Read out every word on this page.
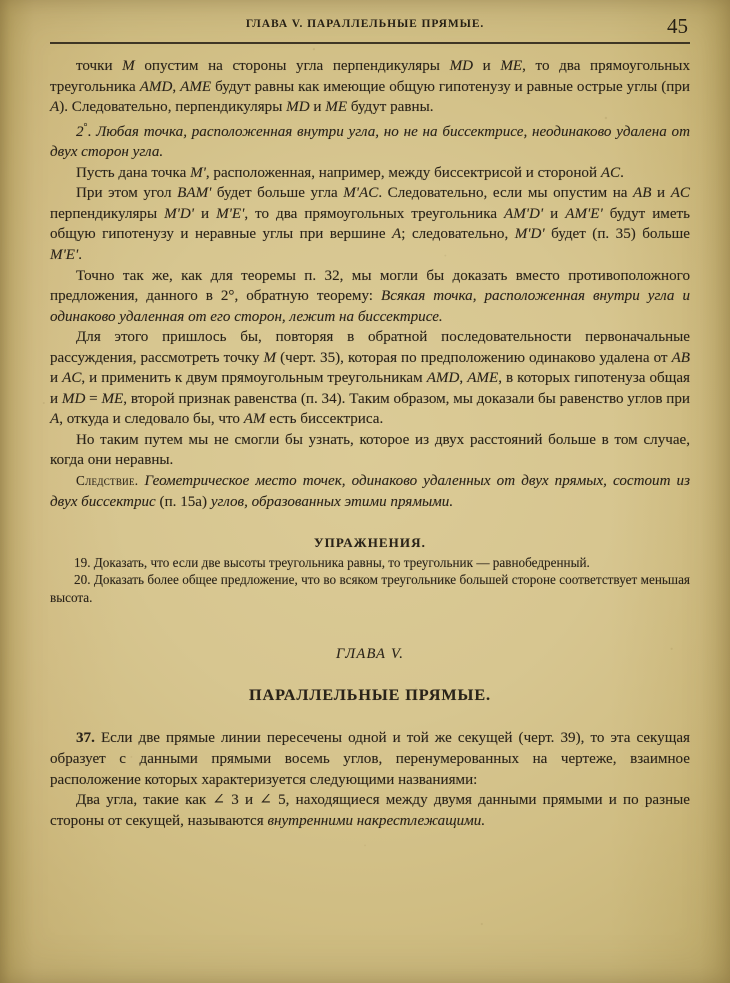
ГЛАВА V. ПАРАЛЛЕЛЬНЫЕ ПРЯМЫЕ.	45

точки M опустим на стороны угла перпендикуляры MD и ME, то два прямоугольных треугольника AMD, AME будут равны как имеющие общую гипотенузу и равные острые углы (при A). Следовательно, перпендикуляры MD и ME будут равны.

2°. Любая точка, расположенная внутри угла, но не на биссектрисе, неодинаково удалена от двух сторон угла.

Пусть дана точка M', расположенная, например, между биссектрисой и стороной AC.

При этом угол BAM' будет больше угла M'AC. Следовательно, если мы опустим на AB и AC перпендикуляры M'D' и M'E', то два прямоугольных треугольника AM'D' и AM'E' будут иметь общую гипотенузу и неравные углы при вершине A; следовательно, M'D' будет (п. 35) больше M'E'.

Точно так же, как для теоремы п. 32, мы могли бы доказать вместо противоположного предложения, данного в 2°, обратную теорему: Всякая точка, расположенная внутри угла и одинаково удаленная от его сторон, лежит на биссектрисе.

Для этого пришлось бы, повторяя в обратной последовательности первоначальные рассуждения, рассмотреть точку M (черт. 35), которая по предположению одинаково удалена от AB и AC, и применить к двум прямоугольным треугольникам AMD, AME, в которых гипотенуза общая и MD = ME, второй признак равенства (п. 34). Таким образом, мы доказали бы равенство углов при A, откуда и следовало бы, что AM есть биссектриса.

Но таким путем мы не смогли бы узнать, которое из двух расстояний больше в том случае, когда они неравны.

Следствие. Геометрическое место точек, одинаково удаленных от двух прямых, состоит из двух биссектрис (п. 15а) углов, образованных этими прямыми.

УПРАЖНЕНИЯ.

19. Доказать, что если две высоты треугольника равны, то треугольник — равнобедренный.

20. Доказать более общее предложение, что во всяком треугольнике большей стороне соответствует меньшая высота.

ГЛАВА V.

ПАРАЛЛЕЛЬНЫЕ ПРЯМЫЕ.

37. Если две прямые линии пересечены одной и той же секущей (черт. 39), то эта секущая образует с данными прямыми восемь углов, перенумерованных на чертеже, взаимное расположение которых характеризуется следующими названиями:

Два угла, такие как ∠ 3 и ∠ 5, находящиеся между двумя данными прямыми и по разные стороны от секущей, называются внутренними накрестлежащими.
